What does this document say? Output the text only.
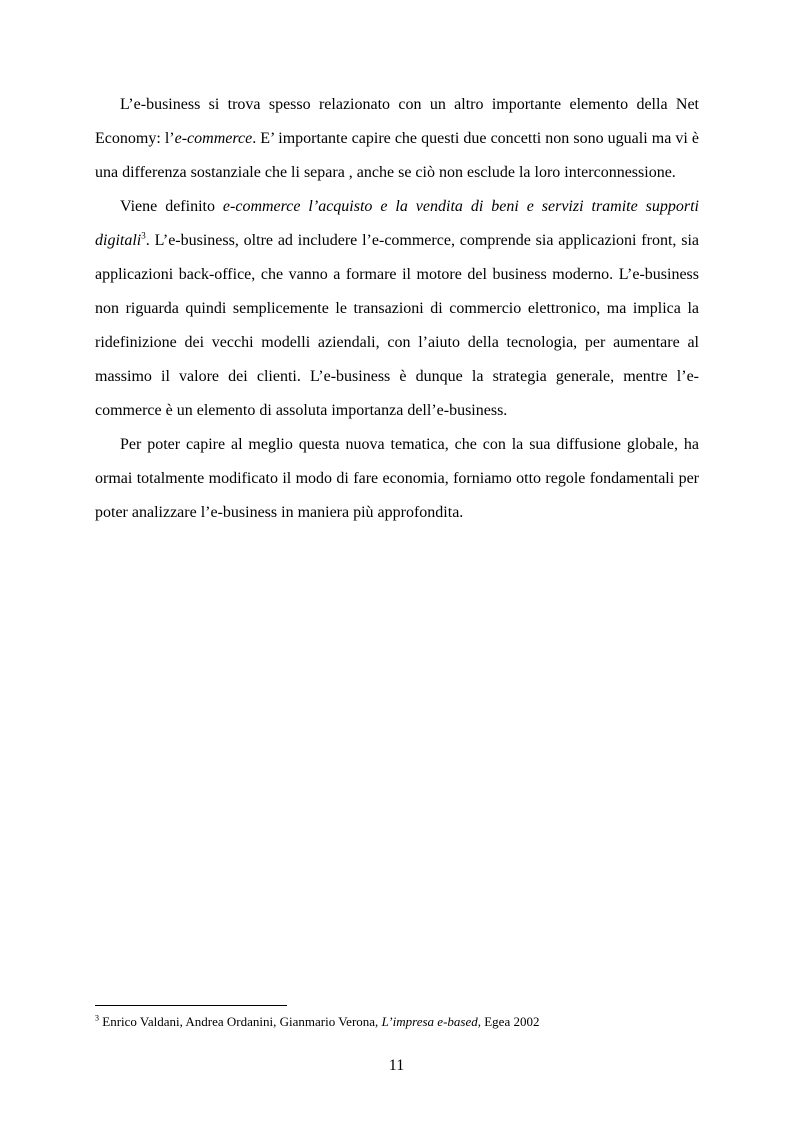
L’e-business si trova spesso relazionato con un altro importante elemento della Net Economy: l’e-commerce. E’ importante capire che questi due concetti non sono uguali ma vi è una differenza sostanziale che li separa , anche se ciò non esclude la loro interconnessione.

Viene definito e-commerce l’acquisto e la vendita di beni e servizi tramite supporti digitali$^3$. L’e-business, oltre ad includere l’e-commerce, comprende sia applicazioni front, sia applicazioni back-office, che vanno a formare il motore del business moderno. L’e-business non riguarda quindi semplicemente le transazioni di commercio elettronico, ma implica la ridefinizione dei vecchi modelli aziendali, con l’aiuto della tecnologia, per aumentare al massimo il valore dei clienti. L’e-business è dunque la strategia generale, mentre l’e-commerce è un elemento di assoluta importanza dell’e-business.

Per poter capire al meglio questa nuova tematica, che con la sua diffusione globale, ha ormai totalmente modificato il modo di fare economia, forniamo otto regole fondamentali per poter analizzare l’e-business in maniera più approfondita.

$^3$ Enrico Valdani, Andrea Ordanini, Gianmario Verona, L’impresa e-based, Egea 2002
11
